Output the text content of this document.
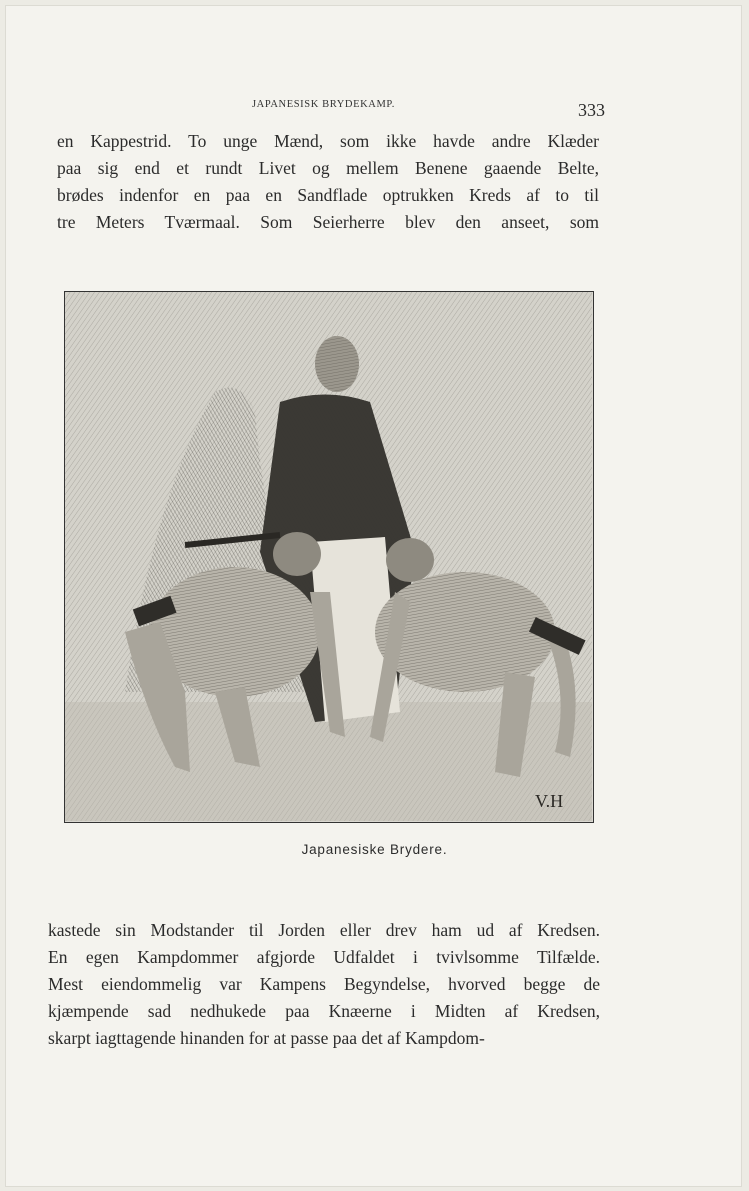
JAPANESISK BRYDEKAMP.	333
en Kappestrid. To unge Mænd, som ikke havde andre Klæder
paa sig end et rundt Livet og mellem Benene gaaende Belte,
brødes indenfor en paa en Sandflade optrukken Kreds af to til
tre Meters Tværmaal. Som Seierherre blev den anseet, som
V.H
Japanesiske Brydere.
kastede sin Modstander til Jorden eller drev ham ud af Kredsen.
En egen Kampdommer afgjorde Udfaldet i tvivlsomme Tilfælde.
Mest eiendommelig var Kampens Begyndelse, hvorved begge de
kjæmpende sad nedhukede paa Knæerne i Midten af Kredsen,
skarpt iagttagende hinanden for at passe paa det af Kampdom-
